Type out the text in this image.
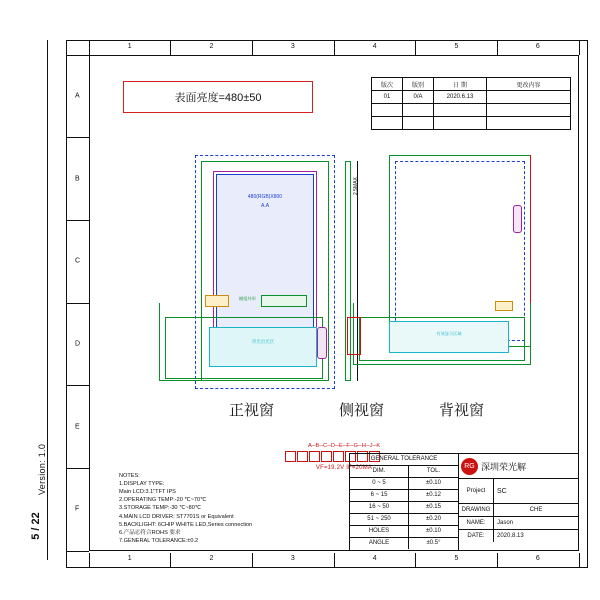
Version: 1.0
5 / 22
1	2	3	4	5	6
1	2	3	4	5	6
A
B
C
D
E
F
表面亮度=480±50
版次	版别	日 期	更改内容
01	0/A	2020.6.13	

480(RGB)X800
A.A
背光出光区
模组外形
2.5MAX
有效显示区域
正视窗	侧视窗	背视窗
A─B─C─D─E─F─G─H─J─K
VF=19.2V IF=20MA
NOTES:
1.DISPLAY TYPE:
Main LCD:3.1"TFT IPS
2.OPERATING TEMP:-20 ℃~70℃
3.STORAGE TEMP:-30 ℃~80℃
4.MAIN LCD DRIVER: ST7701S or Equivalent
5.BACKLIGHT: 6CHIP WHITE LED,Series connection
6.产品㊣符合ROHS 要求
7.GENERAL TOLERANCE:±0.2
GENERAL TOLERANCE
DIM.	TOL.
0 ~ 5	±0.10
6 ~ 15	±0.12
16 ~ 50	±0.15
51 ~ 250	±0.20
HOLES	±0.10
ANGLE	±0.5°
RG 深圳荣光解
Project	SC
DRAWING	CHE
NAME:	Jason
DATE:	2020.8.13
